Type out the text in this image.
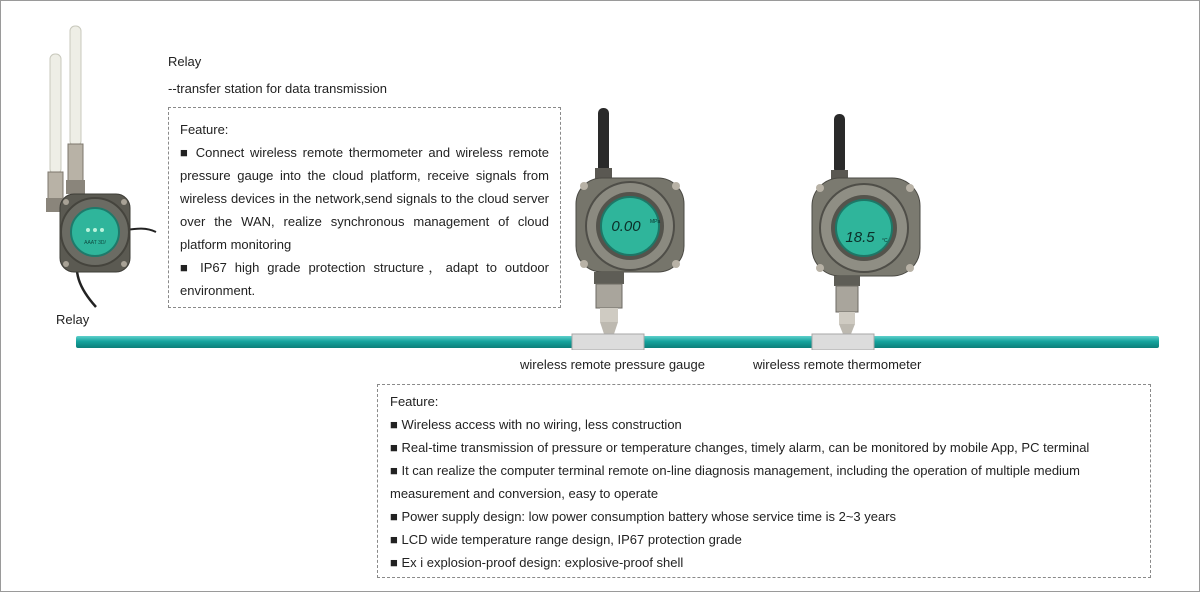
AAAT 3D/
Relay
--transfer station for data transmission
Relay
Feature:
■ Connect wireless remote thermometer and wireless remote pressure gauge into the cloud platform, receive signals from wireless devices in the network,send signals to the cloud server over the WAN, realize synchronous management of cloud platform monitoring
■ IP67 high grade protection structure，adapt to outdoor environment.
0.00 MPa
18.5 °C
wireless remote pressure gauge	wireless remote thermometer
Feature:
■ Wireless access with no wiring, less construction
■ Real-time transmission of pressure or temperature changes, timely alarm, can be monitored by mobile App, PC terminal
■ It can realize the computer terminal remote on-line diagnosis management, including the operation of multiple medium measurement and conversion, easy to operate
■ Power supply design: low power consumption battery whose service time is 2~3 years
■ LCD wide temperature range design, IP67 protection grade
■ Ex i explosion-proof design: explosive-proof shell
